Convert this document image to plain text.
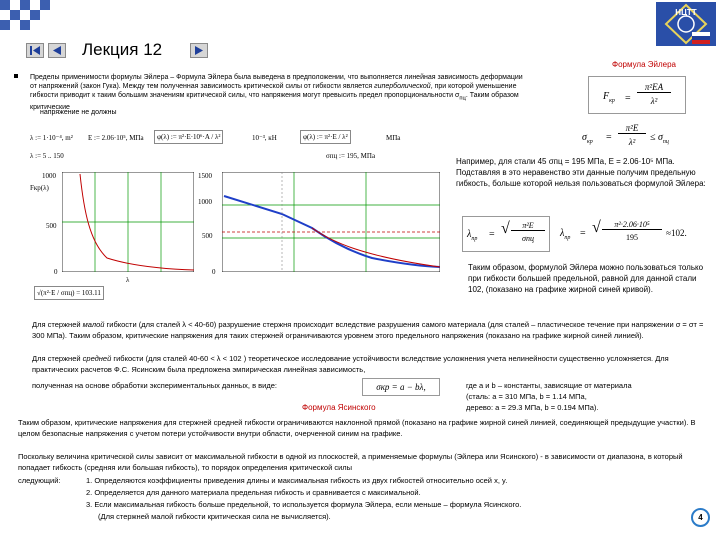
Лекция 12
НЦТТ
Формула Эйлера
Пределы применимости формулы Эйлера – Формула Эйлера была выведена в предположении, что выполняется линейная зависимость деформации от напряжений (закон Гука). Между тем полученная зависимость критической силы от гибкости является гиперболической, при которой уменьшение гибкости приводит к таким большим значениям критической силы, что напряжения могут превысить предел пропорциональности $\sigma_{пц}$. Таким образом критические
напряжение не должны
$F_{кр}$ =
π²EA
λ²
$\sigma_{кр}$ =
π²E
λ²	≤ $\sigma_{пц}$
λ := 1·10⁻⁴, m² E := 2.06·10⁵, МПа	φ(λ) := π²·E·10⁶·A / λ²	10⁻³, кН	φ(λ) := π²·E / λ²	МПа
λ := 5 .. 150	σпц := 195, МПа
Fкр(λ)
1000
500
0
1500
1000
500
0
λ
√(π²·E / σпц) = 103.11
Например, для стали 45 σпц = 195 МПа, E = 2.06·10⁵ МПа. Подставляя в это неравенство эти данные получим предельную гибкость, больше которой нельзя пользоваться формулой Эйлера:
$\lambda_{пр}$ = √	π²E
σпц	$\lambda_{пр}$ = √	π²·2.06·10⁵
195	≈102.
Таким образом, формулой Эйлера можно пользоваться только при гибкости большей предельной, равной для данной стали 102, (показано на графике жирной синей кривой).
Для стержней малой гибкости (для сталей λ < 40-60) разрушение стержня происходит вследствие разрушения самого материала (для сталей – пластическое течение при напряжении σ = σт = 300 МПа). Таким образом, критические напряжения для таких стержней ограничиваются уровнем этого предельного напряжения (показано на графике жирной синей линией).
Для стержней средней гибкости (для сталей 40-60 < λ < 102 ) теоретическое исследование устойчивости вследствие усложнения учета нелинейности существенно усложняется. Для практических расчетов Ф.С. Ясинским была предложена эмпирическая линейная зависимость,
полученная на основе обработки экспериментальных данных, в виде:	σкр = a − bλ,	где a и b – константы, зависящие от материала
(сталь: a = 310 МПа, b = 1.14 МПа,
дерево: a = 29.3 МПа, b = 0.194 МПа).
Формула Ясинского
Таким образом, критические напряжения для стержней средней гибкости ограничиваются наклонной прямой (показано на графике жирной синей линией, соединяющей предыдущие участки). В целом безопасные напряжения с учетом потери устойчивости внутри области, очерченной синим на графике.
Поскольку величина критической силы зависит от максимальной гибкости в одной из плоскостей, а применяемые формулы (Эйлера или Ясинского) - в зависимости от диапазона, в который попадает гибкость (средняя или большая гибкость), то порядок определения критической силы
следующий:	1. Определяются коэффициенты приведения длины и максимальная гибкость из двух гибкостей относительно осей x, y.
2. Определяется для данного материала предельная гибкость и сравнивается с максимальной.
3. Если максимальная гибкость больше предельной, то используется формула Эйлера, если меньше – формула Ясинского.
(Для стержней малой гибкости критическая сила не вычисляется).	4
